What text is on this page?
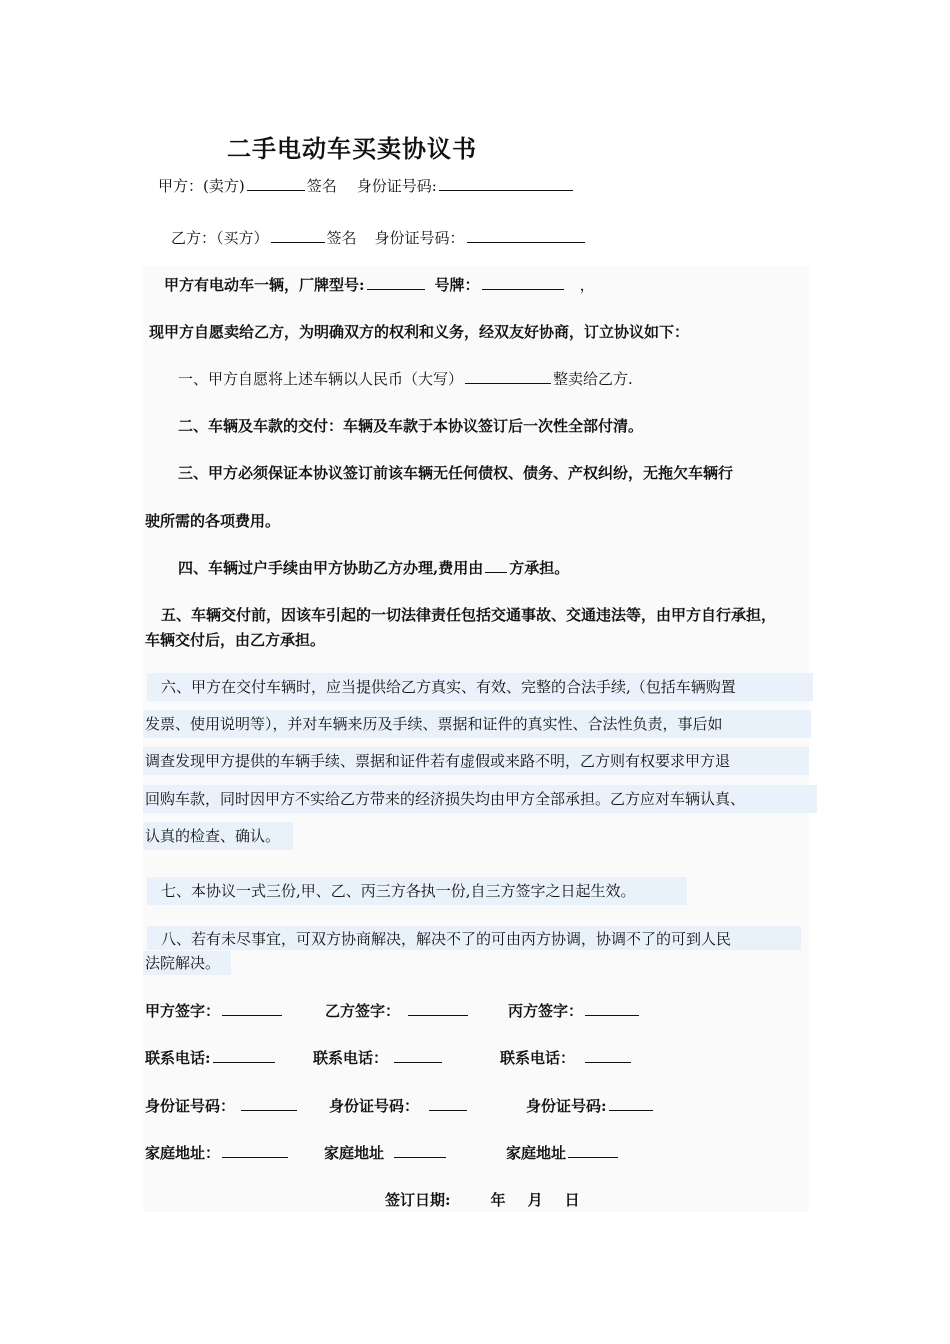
二手电动车买卖协议书
甲方：(卖方)	签名 身份证号码:
乙方：（买方）	签名 身份证号码：
甲方有电动车一辆，厂牌型号:	号牌：	，
现甲方自愿卖给乙方，为明确双方的权利和义务，经双友好协商，订立协议如下：
一、甲方自愿将上述车辆以人民币（大写）	整卖给乙方.
二、车辆及车款的交付：车辆及车款于本协议签订后一次性全部付清。
三、甲方必须保证本协议签订前该车辆无任何债权、债务、产权纠纷，无拖欠车辆行
驶所需的各项费用。
四、车辆过户手续由甲方协助乙方办理,费用由 方承担。
五、车辆交付前，因该车引起的一切法律责任包括交通事故、交通违法等，由甲方自行承担，
车辆交付后，由乙方承担。
六、甲方在交付车辆时，应当提供给乙方真实、有效、完整的合法手续,（包括车辆购置
发票、使用说明等），并对车辆来历及手续、票据和证件的真实性、合法性负责，事后如
调查发现甲方提供的车辆手续、票据和证件若有虚假或来路不明，乙方则有权要求甲方退
回购车款，同时因甲方不实给乙方带来的经济损失均由甲方全部承担。乙方应对车辆认真、
认真的检查、确认。
七、本协议一式三份,甲、乙、丙三方各执一份,自三方签字之日起生效。
八、若有未尽事宜，可双方协商解决，解决不了的可由丙方协调，协调不了的可到人民
法院解决。
甲方签字：	乙方签字：	丙方签字：
联系电话:	联系电话：	联系电话：
身份证号码：	身份证号码：	身份证号码:
家庭地址：	家庭地址	家庭地址
签订日期:	年 月 日
